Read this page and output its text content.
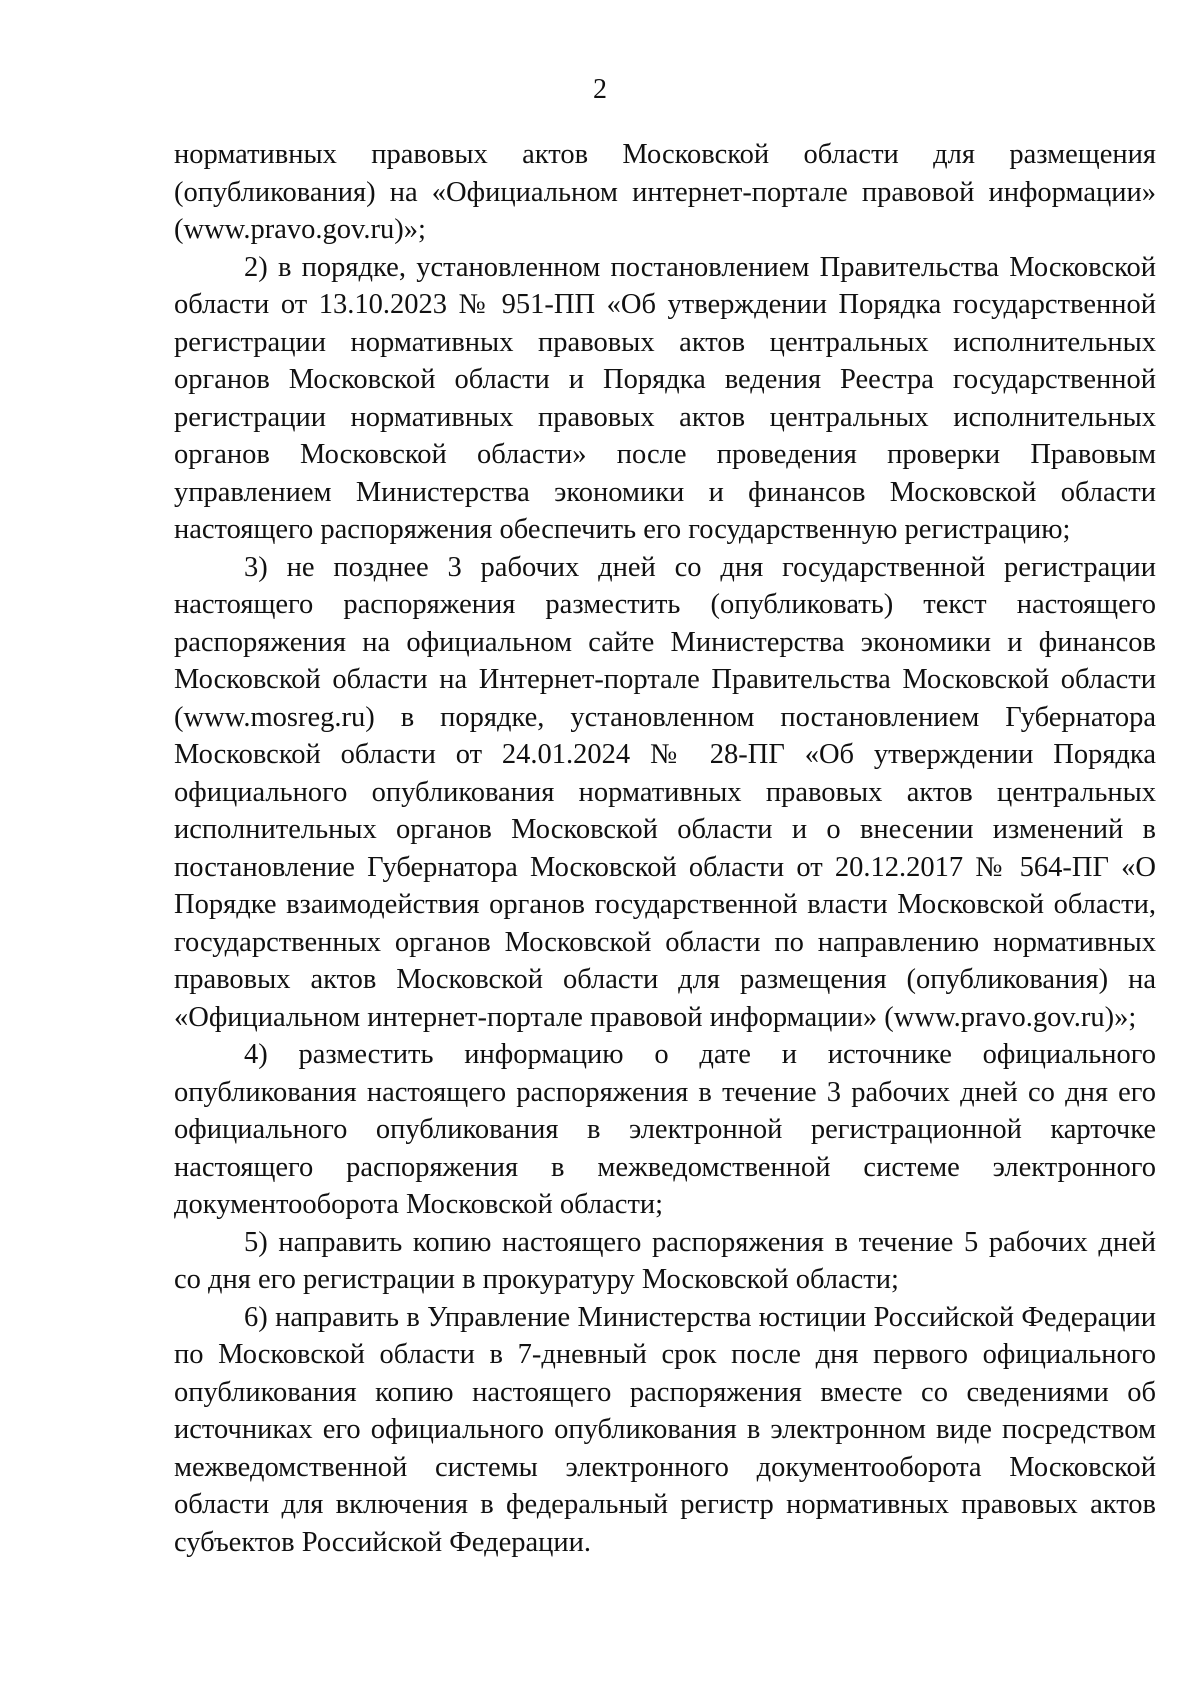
2

нормативных правовых актов Московской области для размещения (опубликования) на «Официальном интернет-портале правовой информации» (www.pravo.gov.ru)»;

2) в порядке, установленном постановлением Правительства Московской области от 13.10.2023 № 951-ПП «Об утверждении Порядка государственной регистрации нормативных правовых актов центральных исполнительных органов Московской области и Порядка ведения Реестра государственной регистрации нормативных правовых актов центральных исполнительных органов Московской области» после проведения проверки Правовым управлением Министерства экономики и финансов Московской области настоящего распоряжения обеспечить его государственную регистрацию;

3) не позднее 3 рабочих дней со дня государственной регистрации настоящего распоряжения разместить (опубликовать) текст настоящего распоряжения на официальном сайте Министерства экономики и финансов Московской области на Интернет-портале Правительства Московской области (www.mosreg.ru) в порядке, установленном постановлением Губернатора Московской области от 24.01.2024 № 28-ПГ «Об утверждении Порядка официального опубликования нормативных правовых актов центральных исполнительных органов Московской области и о внесении изменений в постановление Губернатора Московской области от 20.12.2017 № 564-ПГ «О Порядке взаимодействия органов государственной власти Московской области, государственных органов Московской области по направлению нормативных правовых актов Московской области для размещения (опубликования) на «Официальном интернет-портале правовой информации» (www.pravo.gov.ru)»;

4) разместить информацию о дате и источнике официального опубликования настоящего распоряжения в течение 3 рабочих дней со дня его официального опубликования в электронной регистрационной карточке настоящего распоряжения в межведомственной системе электронного документооборота Московской области;

5) направить копию настоящего распоряжения в течение 5 рабочих дней со дня его регистрации в прокуратуру Московской области;

6) направить в Управление Министерства юстиции Российской Федерации по Московской области в 7-дневный срок после дня первого официального опубликования копию настоящего распоряжения вместе со сведениями об источниках его официального опубликования в электронном виде посредством межведомственной системы электронного документооборота Московской области для включения в федеральный регистр нормативных правовых актов субъектов Российской Федерации.
